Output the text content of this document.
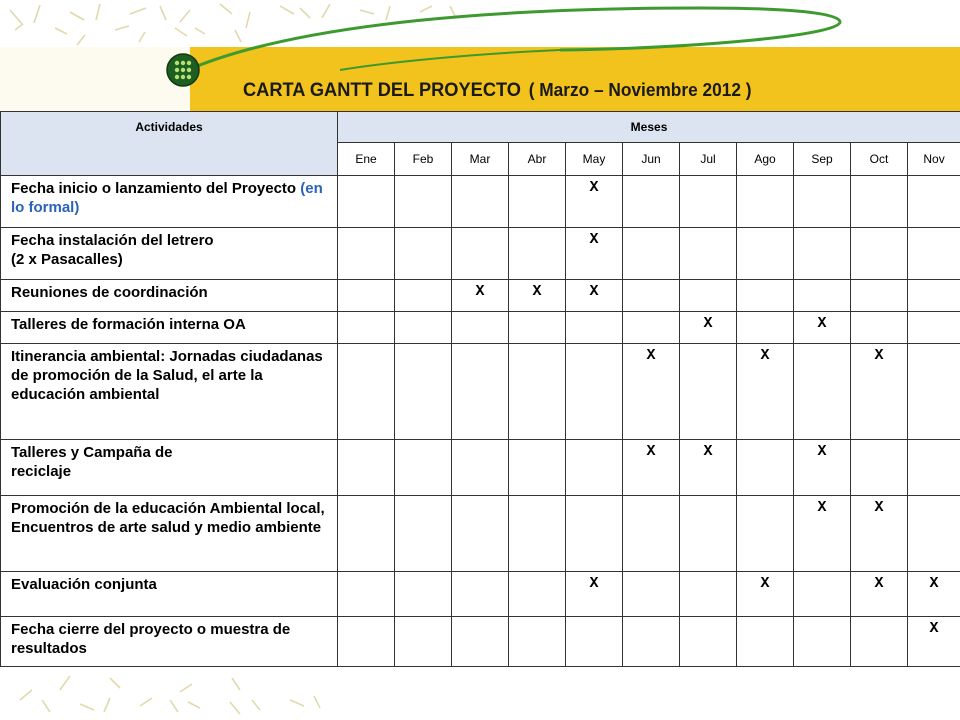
CARTA GANTT DEL PROYECTO ( Marzo – Noviembre 2012 )
Actividades	Meses										
	Ene	Feb	Mar	Abr	May	Jun	Jul	Ago	Sep	Oct	Nov
Fecha inicio o lanzamiento del Proyecto (en lo formal)					X						
Fecha instalación del letrero
(2 x Pasacalles)					X						
Reuniones de coordinación			X	X	X						
Talleres de formación interna OA							X		X		
Itinerancia ambiental: Jornadas ciudadanas de promoción de la Salud, el arte la educación ambiental						X		X		X	
Talleres y Campaña de
reciclaje						X	X		X		
Promoción de la educación Ambiental local, Encuentros de arte salud y medio ambiente									X	X	
Evaluación conjunta					X			X		X	X
Fecha cierre del proyecto o muestra de resultados											X
